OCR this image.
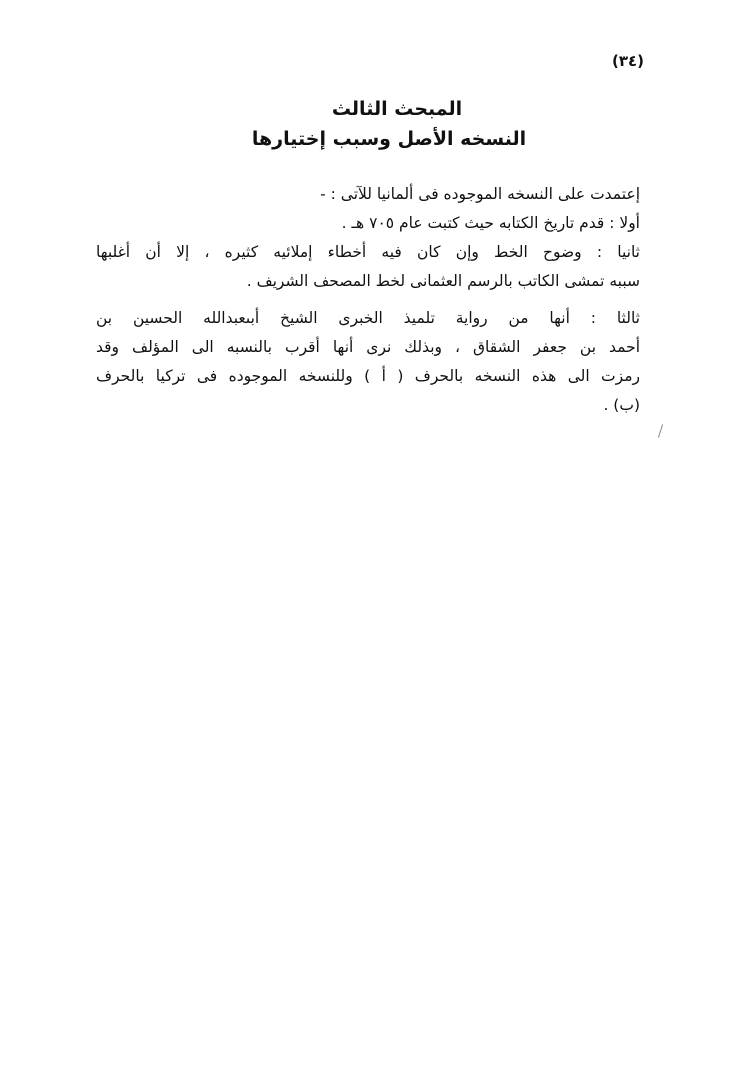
(٣٤)
المبحث الثالث
النسخه الأصل وسبب إختيارها

إعتمدت على النسخه الموجوده فى ألمانيا للآتى : -

أولا : قدم تاريخ الكتابه حيث كتبت عام ٧٠٥ هـ .

ثانيا : وضوح الخط وإن كان فيه أخطاء إملائيه كثيره ، إلا أن أغلبها

سببه تمشى الكاتب بالرسم العثمانى لخط المصحف الشريف .

ثالثا : أنها من رواية تلميذ الخبرى الشيخ أبىعبدالله الحسين بن

أحمد بن جعفر الشقاق ، وبذلك نرى أنها أقرب بالنسبه الى المؤلف وقد

رمزت الى هذه النسخه بالحرف ( أ ) وللنسخه الموجوده فى تركيا بالحرف

(ب) .
